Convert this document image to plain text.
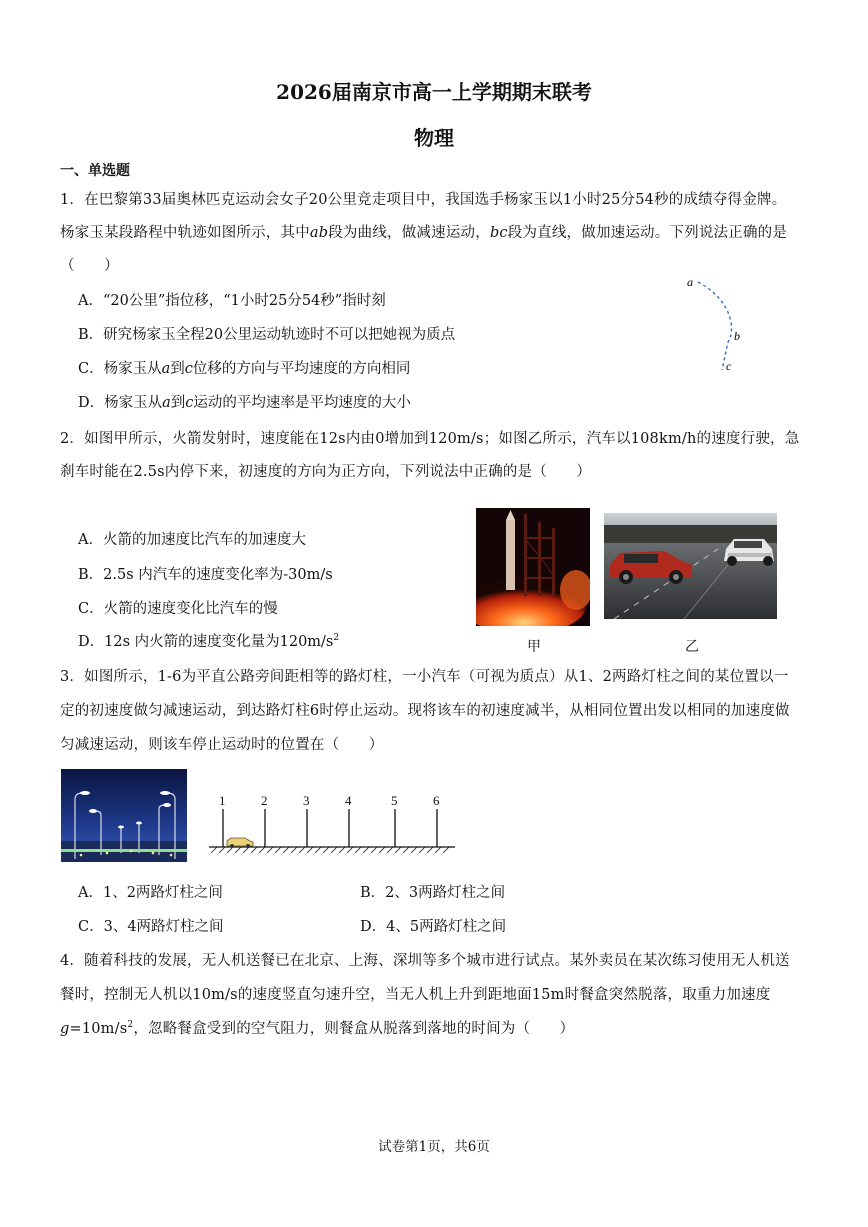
2026届南京市高一上学期期末联考
物理
一、单选题
1．在巴黎第33届奥林匹克运动会女子20公里竞走项目中，我国选手杨家玉以1小时25分54秒的成绩夺得金牌。
杨家玉某段路程中轨迹如图所示，其中ab段为曲线，做减速运动，bc段为直线，做加速运动。下列说法正确的是
（　　）
A．“20公里”指位移，“1小时25分54秒”指时刻
B．研究杨家玉全程20公里运动轨迹时不可以把她视为质点
C．杨家玉从a到c位移的方向与平均速度的方向相同
D．杨家玉从a到c运动的平均速率是平均速度的大小
a
b
c
2．如图甲所示，火箭发射时，速度能在12s内由0增加到120m/s；如图乙所示，汽车以108km/h的速度行驶，急
刹车时能在2.5s内停下来，初速度的方向为正方向，下列说法中正确的是（　　）
A．火箭的加速度比汽车的加速度大
B．2.5s 内汽车的速度变化率为-30m/s
C．火箭的速度变化比汽车的慢
D．12s 内火箭的速度变化量为$120m/s^2$
甲	乙
3．如图所示，1-6为平直公路旁间距相等的路灯柱，一小汽车（可视为质点）从1、2两路灯柱之间的某位置以一
定的初速度做匀减速运动，到达路灯柱6时停止运动。现将该车的初速度减半，从相同位置出发以相同的加速度做
匀减速运动，则该车停止运动时的位置在（　　）
1	2	3	4	5	6
A．1、2两路灯柱之间	B．2、3两路灯柱之间
C．3、4两路灯柱之间	D．4、5两路灯柱之间
4．随着科技的发展，无人机送餐已在北京、上海、深圳等多个城市进行试点。某外卖员在某次练习使用无人机送
餐时，控制无人机以10m/s的速度竖直匀速升空，当无人机上升到距地面15m时餐盒突然脱落，取重力加速度
$g=10m/s^2$，忽略餐盒受到的空气阻力，则餐盒从脱落到落地的时间为（　　）
试卷第1页，共6页
